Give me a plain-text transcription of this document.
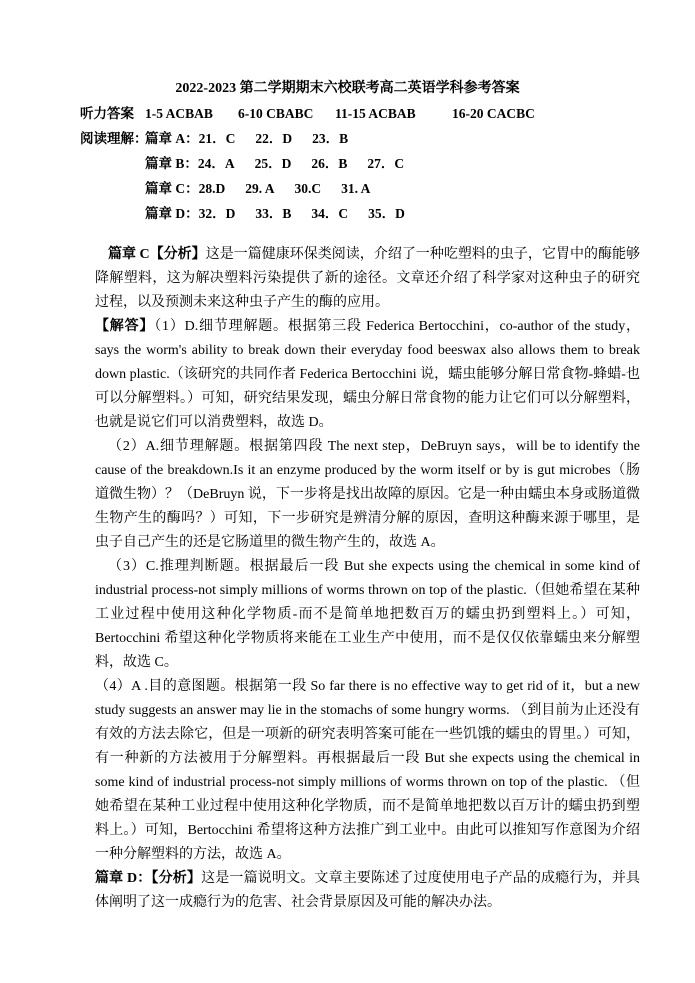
2022-2023 第二学期期末六校联考高二英语学科参考答案
听力答案 1-5 ACBAB 6-10 CBABC 11-15 ACBAB	16-20 CACBC
阅读理解：
篇章 A：21．C 22．D 23．B
篇章 B：24．A 25．D 26．B 27．C
篇章 C：28.D 29. A 30.C 31. A
篇章 D：32．D 33．B 34．C 35．D

篇章 C【分析】这是一篇健康环保类阅读，介绍了一种吃塑料的虫子，它胃中的酶能够降解塑料，这为解决塑料污染提供了新的途径。文章还介绍了科学家对这种虫子的研究过程，以及预测未来这种虫子产生的酶的应用。

【解答】（1）D.细节理解题。根据第三段 Federica Bertocchini，co-author of the study，says the worm's ability to break down their everyday food beeswax also allows them to break down plastic.（该研究的共同作者 Federica Bertocchini 说，蠕虫能够分解日常食物-蜂蜡-也可以分解塑料。）可知，研究结果发现，蠕虫分解日常食物的能力让它们可以分解塑料，也就是说它们可以消费塑料，故选 D。

（2）A.细节理解题。根据第四段 The next step，DeBruyn says，will be to identify the cause of the breakdown.Is it an enzyme produced by the worm itself or by is gut microbes（肠道微生物）？（DeBruyn 说，下一步将是找出故障的原因。它是一种由蠕虫本身或肠道微生物产生的酶吗？）可知，下一步研究是辨清分解的原因，查明这种酶来源于哪里，是虫子自己产生的还是它肠道里的微生物产生的，故选 A。

（3）C.推理判断题。根据最后一段 But she expects using the chemical in some kind of industrial process-not simply millions of worms thrown on top of the plastic.（但她希望在某种工业过程中使用这种化学物质-而不是简单地把数百万的蠕虫扔到塑料上。）可知，Bertocchini 希望这种化学物质将来能在工业生产中使用，而不是仅仅依靠蠕虫来分解塑料，故选 C。

（4）A .目的意图题。根据第一段 So far there is no effective way to get rid of it，but a new study suggests an answer may lie in the stomachs of some hungry worms. （到目前为止还没有有效的方法去除它，但是一项新的研究表明答案可能在一些饥饿的蠕虫的胃里。）可知，有一种新的方法被用于分解塑料。再根据最后一段 But she expects using the chemical in some kind of industrial process-not simply millions of worms thrown on top of the plastic. （但她希望在某种工业过程中使用这种化学物质，而不是简单地把数以百万计的蠕虫扔到塑料上。）可知，Bertocchini 希望将这种方法推广到工业中。由此可以推知写作意图为介绍一种分解塑料的方法，故选 A。

篇章 D：【分析】这是一篇说明文。文章主要陈述了过度使用电子产品的成瘾行为，并具体阐明了这一成瘾行为的危害、社会背景原因及可能的解决办法。
